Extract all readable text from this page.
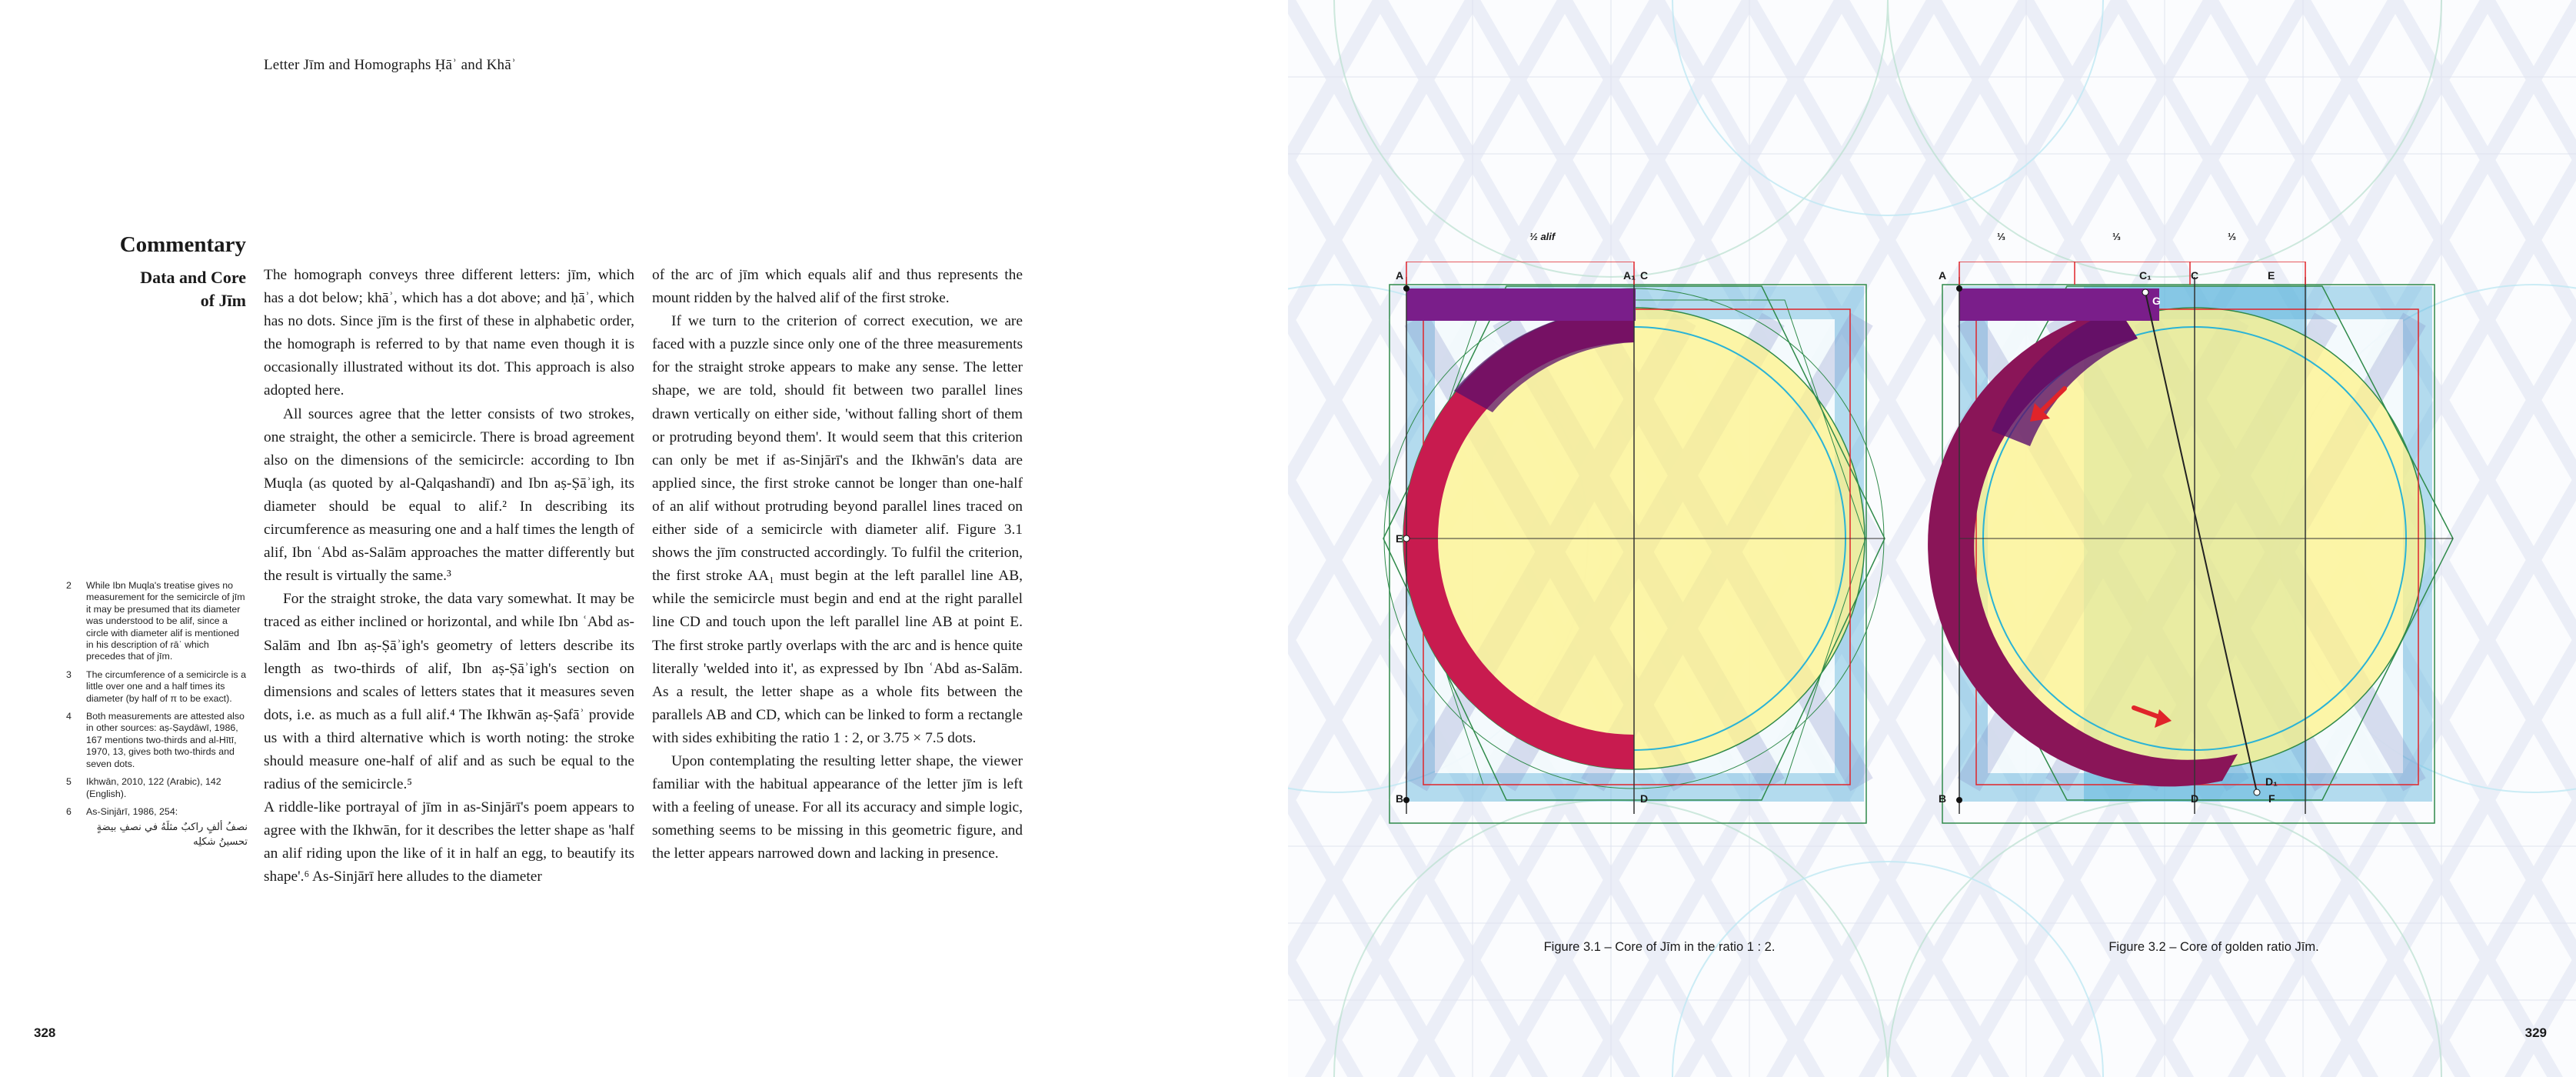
Letter Jīm and Homographs Ḥāʾ and Khāʾ
Commentary
Data and Core
of Jīm

The homograph conveys three different letters: jīm, which has a dot below; khāʾ, which has a dot above; and ḥāʾ, which has no dots. Since jīm is the first of these in alphabetic order, the homograph is referred to by that name even though it is occasionally illustrated without its dot. This approach is also adopted here.

All sources agree that the letter consists of two strokes, one straight, the other a semicircle. There is broad agreement also on the dimensions of the semicircle: according to Ibn Muqla (as quoted by al-Qalqashandī) and Ibn aṣ-Ṣāʾigh, its diameter should be equal to alif.² In describing its circumference as measuring one and a half times the length of alif, Ibn ʿAbd as-Salām approaches the matter differently but the result is virtually the same.³

For the straight stroke, the data vary somewhat. It may be traced as either inclined or horizontal, and while Ibn ʿAbd as-Salām and Ibn aṣ-Ṣāʾigh's geometry of letters describe its length as two-thirds of alif, Ibn aṣ-Ṣāʾigh's section on dimensions and scales of letters states that it measures seven dots, i.e. as much as a full alif.⁴ The Ikhwān aṣ-Ṣafāʾ provide us with a third alternative which is worth noting: the stroke should measure one-half of alif and as such be equal to the radius of the semicircle.⁵

A riddle-like portrayal of jīm in as-Sinjārī's poem appears to agree with the Ikhwān, for it describes the letter shape as 'half an alif riding upon the like of it in half an egg, to beautify its shape'.⁶ As-Sinjārī here alludes to the diameter

of the arc of jīm which equals alif and thus represents the mount ridden by the halved alif of the first stroke.

If we turn to the criterion of correct execution, we are faced with a puzzle since only one of the three measurements for the straight stroke appears to make any sense. The letter shape, we are told, should fit between two parallel lines drawn vertically on either side, 'without falling short of them or protruding beyond them'. It would seem that this criterion can only be met if as-Sinjārī's and the Ikhwān's data are applied since, the first stroke cannot be longer than one-half of an alif without protruding beyond parallel lines traced on either side of a semicircle with diameter alif. Figure 3.1 shows the jīm constructed accordingly. To fulfil the criterion, the first stroke AA₁ must begin at the left parallel line AB, while the semicircle must begin and end at the right parallel line CD and touch upon the left parallel line AB at point E. The first stroke partly overlaps with the arc and is hence quite literally 'welded into it', as expressed by Ibn ʿAbd as-Salām. As a result, the letter shape as a whole fits between the parallels AB and CD, which can be linked to form a rectangle with sides exhibiting the ratio 1 : 2, or 3.75 × 7.5 dots.

Upon contemplating the resulting letter shape, the viewer familiar with the habitual appearance of the letter jīm is left with a feeling of unease. For all its accuracy and simple logic, something seems to be missing in this geometric figure, and the letter appears narrowed down and lacking in presence.

2 While Ibn Muqla's treatise gives no measurement for the semicircle of jīm it may be presumed that its diameter was understood to be alif, since a circle with diameter alif is mentioned in his description of rāʾ which precedes that of jīm.
3 The circumference of a semicircle is a little over one and a half times its diameter (by half of π to be exact).
4 Both measurements are attested also in other sources: aṣ-Ṣaydāwī, 1986, 167 mentions two-thirds and al-Hītī, 1970, 13, gives both two-thirds and seven dots.
5 Ikhwān, 2010, 122 (Arabic), 142 (English).
6 As-Sinjārī, 1986, 254:
نصفُ ألفٍ راكبٌ مثلَهُ في نصفِ بيضةٍ تحسينُ شكلِه
328
½ alif
A	A₁ C
E
B	D
⅓	⅓	⅓
A	C₁	C	E
G
B	D
D₁
F
Figure 3.1 – Core of Jīm in the ratio 1 : 2.	Figure 3.2 – Core of golden ratio Jīm.
329
